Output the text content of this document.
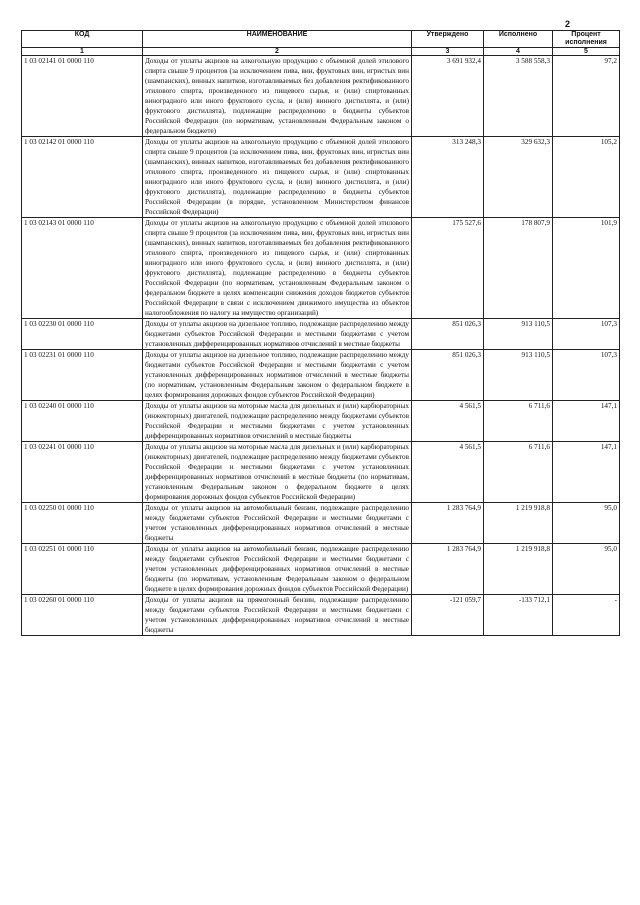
2
КОД	НАИМЕНОВАНИЕ	Утверждено	Исполнено	Процент исполнения
1	2	3	4	5
1 03 02141 01 0000 110	Доходы от уплаты акцизов на алкогольную продукцию с объемной долей этилового спирта свыше 9 процентов (за исключением пива, вин, фруктовых вин, игристых вин (шампанских), винных напитков, изготавливаемых без добавления ректификованного этилового спирта, произведенного из пищевого сырья, и (или) спиртованных виноградного или иного фруктового сусла, и (или) винного дистиллята, и (или) фруктового дистиллята), подлежащие распределению в бюджеты субъектов Российской Федерации (по нормативам, установленным Федеральным законом о федеральном бюджете)	3 691 932,4	3 588 558,3	97,2
1 03 02142 01 0000 110	Доходы от уплаты акцизов на алкогольную продукцию с объемной долей этилового спирта свыше 9 процентов (за исключением пива, вин, фруктовых вин, игристых вин (шампанских), винных напитков, изготавливаемых без добавления ректификованного этилового спирта, произведенного из пищевого сырья, и (или) спиртованных виноградного или иного фруктового сусла, и (или) винного дистиллята, и (или) фруктового дистиллята), подлежащие распределению в бюджеты субъектов Российской Федерации (в порядке, установленном Министерством финансов Российской Федерации)	313 248,3	329 632,3	105,2
1 03 02143 01 0000 110	Доходы от уплаты акцизов на алкогольную продукцию с объемной долей этилового спирта свыше 9 процентов (за исключением пива, вин, фруктовых вин, игристых вин (шампанских), винных напитков, изготавливаемых без добавления ректификованного этилового спирта, произведенного из пищевого сырья, и (или) спиртованных виноградного или иного фруктового сусла, и (или) винного дистиллята, и (или) фруктового дистиллята), подлежащие распределению в бюджеты субъектов Российской Федерации (по нормативам, установленным Федеральным законом о федеральном бюджете в целях компенсации снижения доходов бюджетов субъектов Российской Федерации в связи с исключением движимого имущества из объектов налогообложения по налогу на имущество организаций)	175 527,6	178 807,9	101,9
1 03 02230 01 0000 110	Доходы от уплаты акцизов на дизельное топливо, подлежащие распределению между бюджетами субъектов Российской Федерации и местными бюджетами с учетом установленных дифференцированных нормативов отчислений в местные бюджеты	851 026,3	913 110,5	107,3
1 03 02231 01 0000 110	Доходы от уплаты акцизов на дизельное топливо, подлежащие распределению между бюджетами субъектов Российской Федерации и местными бюджетами с учетом установленных дифференцированных нормативов отчислений в местные бюджеты (по нормативам, установленным Федеральным законом о федеральном бюджете в целях формирования дорожных фондов субъектов Российской Федерации)	851 026,3	913 110,5	107,3
1 03 02240 01 0000 110	Доходы от уплаты акцизов на моторные масла для дизельных и (или) карбюраторных (инжекторных) двигателей, подлежащие распределению между бюджетами субъектов Российской Федерации и местными бюджетами с учетом установленных дифференцированных нормативов отчислений в местные бюджеты	4 561,5	6 711,6	147,1
1 03 02241 01 0000 110	Доходы от уплаты акцизов на моторные масла для дизельных и (или) карбюраторных (инжекторных) двигателей, подлежащие распределению между бюджетами субъектов Российской Федерации и местными бюджетами с учетом установленных дифференцированных нормативов отчислений в местные бюджеты (по нормативам, установленным Федеральным законом о федеральном бюджете в целях формирования дорожных фондов субъектов Российской Федерации)	4 561,5	6 711,6	147,1
1 03 02250 01 0000 110	Доходы от уплаты акцизов на автомобильный бензин, подлежащие распределению между бюджетами субъектов Российской Федерации и местными бюджетами с учетом установленных дифференцированных нормативов отчислений в местные бюджеты	1 283 764,9	1 219 918,8	95,0
1 03 02251 01 0000 110	Доходы от уплаты акцизов на автомобильный бензин, подлежащие распределению между бюджетами субъектов Российской Федерации и местными бюджетами с учетом установленных дифференцированных нормативов отчислений в местные бюджеты (по нормативам, установленным Федеральным законом о федеральном бюджете в целях формирования дорожных фондов субъектов Российской Федерации)	1 283 764,9	1 219 918,8	95,0
1 03 02260 01 0000 110	Доходы от уплаты акцизов на прямогонный бензин, подлежащие распределению между бюджетами субъектов Российской Федерации и местными бюджетами с учетом установленных дифференцированных нормативов отчислений в местные бюджеты	-121 059,7	-133 712,1	-
